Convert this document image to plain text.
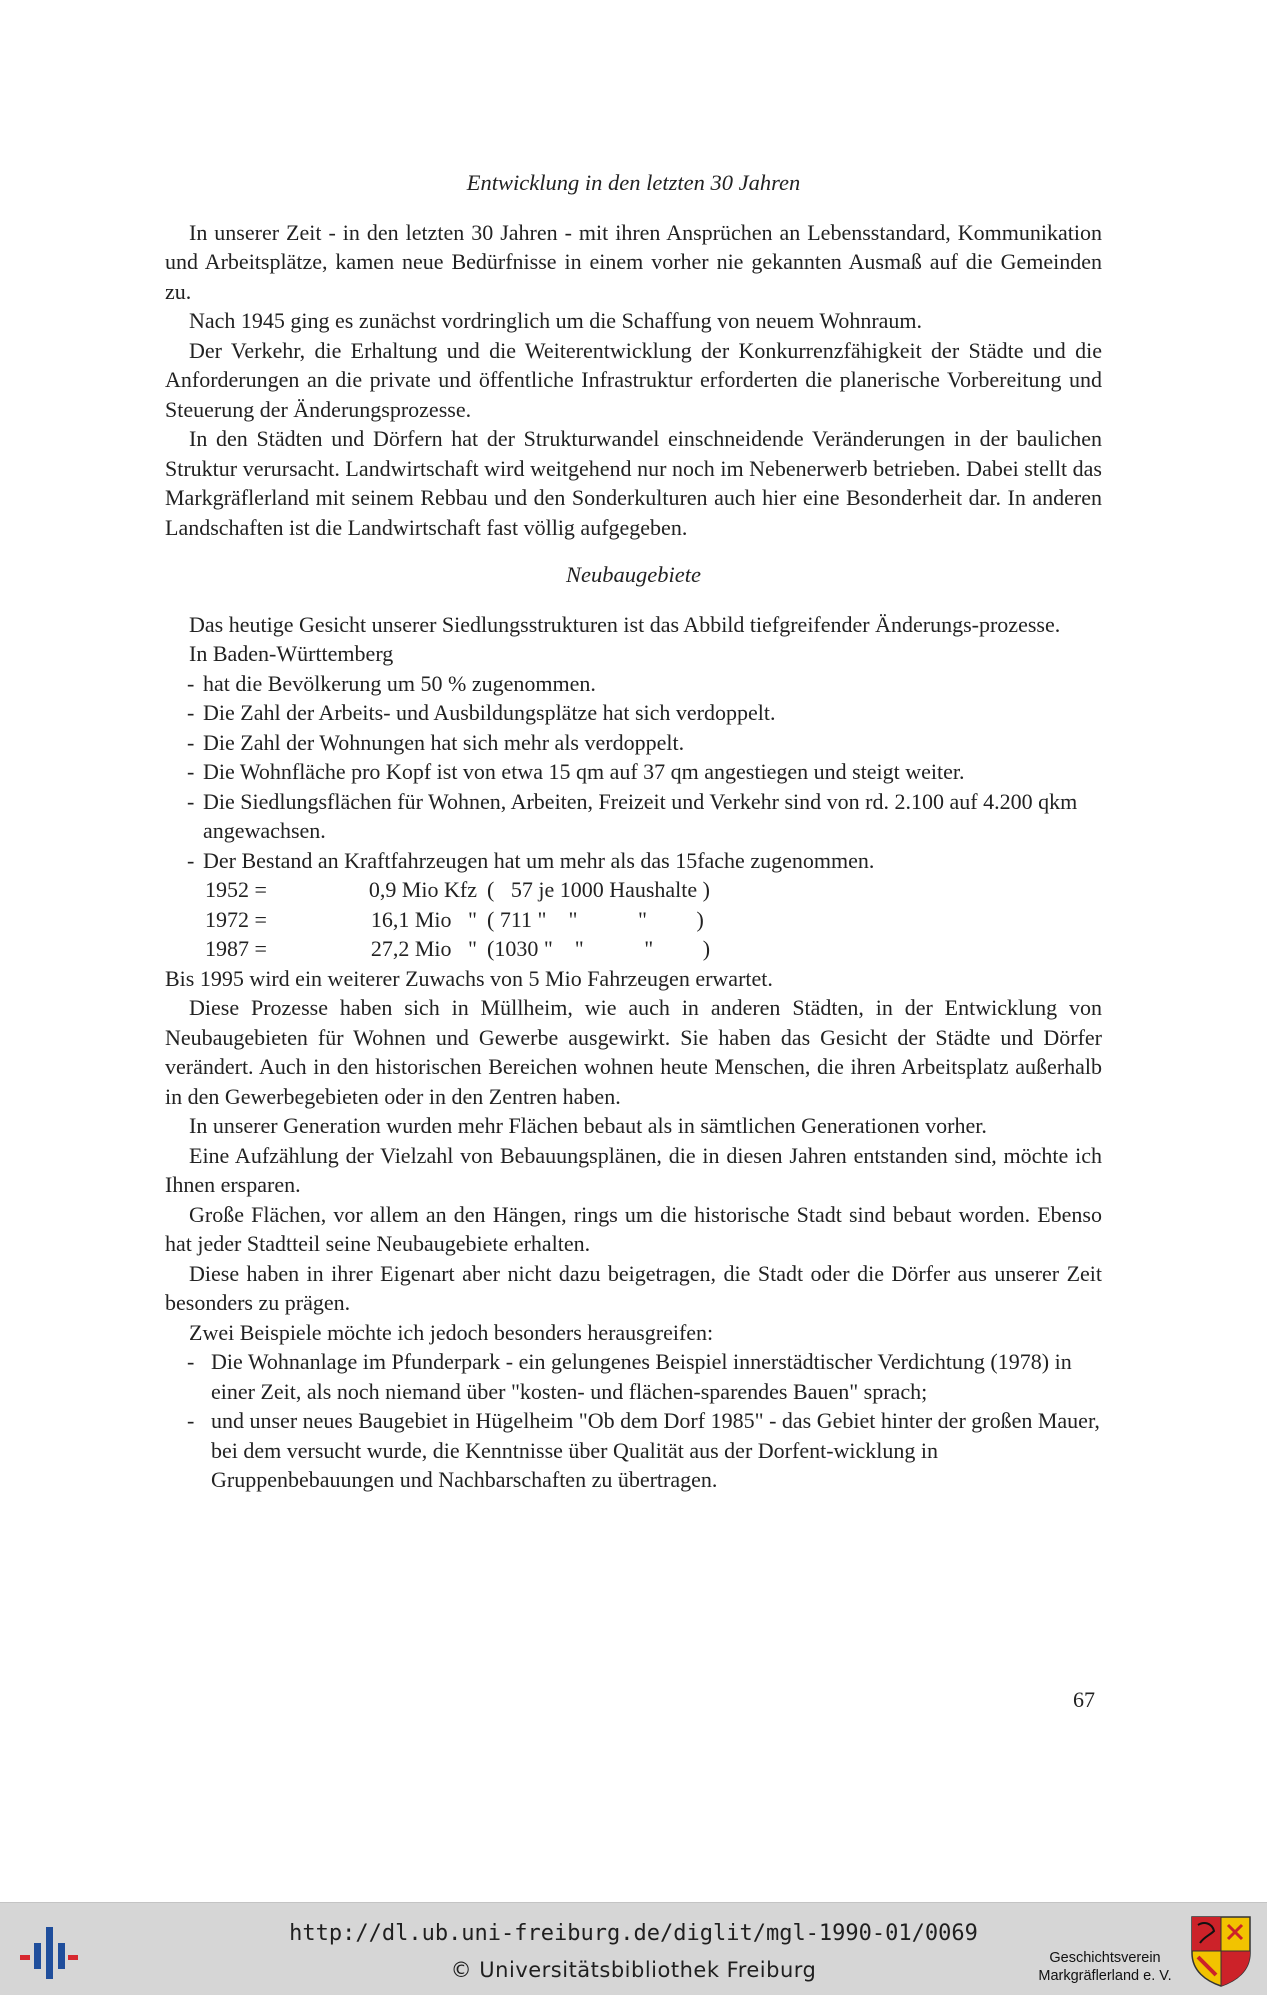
Entwicklung in den letzten 30 Jahren

In unserer Zeit - in den letzten 30 Jahren - mit ihren Ansprüchen an Lebensstandard, Kommunikation und Arbeitsplätze, kamen neue Bedürfnisse in einem vorher nie gekannten Ausmaß auf die Gemeinden zu.

Nach 1945 ging es zunächst vordringlich um die Schaffung von neuem Wohnraum.

Der Verkehr, die Erhaltung und die Weiterentwicklung der Konkurrenzfähigkeit der Städte und die Anforderungen an die private und öffentliche Infrastruktur erforderten die planerische Vorbereitung und Steuerung der Änderungsprozesse.

In den Städten und Dörfern hat der Strukturwandel einschneidende Veränderungen in der baulichen Struktur verursacht. Landwirtschaft wird weitgehend nur noch im Nebenerwerb betrieben. Dabei stellt das Markgräflerland mit seinem Rebbau und den Sonderkulturen auch hier eine Besonderheit dar. In anderen Landschaften ist die Landwirtschaft fast völlig aufgegeben.

Neubaugebiete

Das heutige Gesicht unserer Siedlungsstrukturen ist das Abbild tiefgreifender Änderungs-prozesse.

In Baden-Württemberg

- hat die Bevölkerung um 50 % zugenommen.
- Die Zahl der Arbeits- und Ausbildungsplätze hat sich verdoppelt.
- Die Zahl der Wohnungen hat sich mehr als verdoppelt.
- Die Wohnfläche pro Kopf ist von etwa 15 qm auf 37 qm angestiegen und steigt weiter.
- Die Siedlungsflächen für Wohnen, Arbeiten, Freizeit und Verkehr sind von rd. 2.100 auf 4.200 qkm angewachsen.
- Der Bestand an Kraftfahrzeugen hat um mehr als das 15fache zugenommen.
1952 =	0,9 Mio Kfz	(   57 je 1000 Haushalte )
1972 =	16,1 Mio   "	( 711 "    "           "         )
1987 =	27,2 Mio   "	(1030 "    "           "         )

Bis 1995 wird ein weiterer Zuwachs von 5 Mio Fahrzeugen erwartet.

Diese Prozesse haben sich in Müllheim, wie auch in anderen Städten, in der Entwicklung von Neubaugebieten für Wohnen und Gewerbe ausgewirkt. Sie haben das Gesicht der Städte und Dörfer verändert. Auch in den historischen Bereichen wohnen heute Menschen, die ihren Arbeitsplatz außerhalb in den Gewerbegebieten oder in den Zentren haben.

In unserer Generation wurden mehr Flächen bebaut als in sämtlichen Generationen vorher.

Eine Aufzählung der Vielzahl von Bebauungsplänen, die in diesen Jahren entstanden sind, möchte ich Ihnen ersparen.

Große Flächen, vor allem an den Hängen, rings um die historische Stadt sind bebaut worden. Ebenso hat jeder Stadtteil seine Neubaugebiete erhalten.

Diese haben in ihrer Eigenart aber nicht dazu beigetragen, die Stadt oder die Dörfer aus unserer Zeit besonders zu prägen.

Zwei Beispiele möchte ich jedoch besonders herausgreifen:

- Die Wohnanlage im Pfunderpark - ein gelungenes Beispiel innerstädtischer Verdichtung (1978) in einer Zeit, als noch niemand über "kosten- und flächen-sparendes Bauen" sprach;
- und unser neues Baugebiet in Hügelheim "Ob dem Dorf 1985" - das Gebiet hinter der großen Mauer, bei dem versucht wurde, die Kenntnisse über Qualität aus der Dorfent-wicklung in Gruppenbebauungen und Nachbarschaften zu übertragen.
67
http://dl.ub.uni-freiburg.de/diglit/mgl-1990-01/0069
© Universitätsbibliothek Freiburg	Geschichtsverein
Markgräflerland e. V.
